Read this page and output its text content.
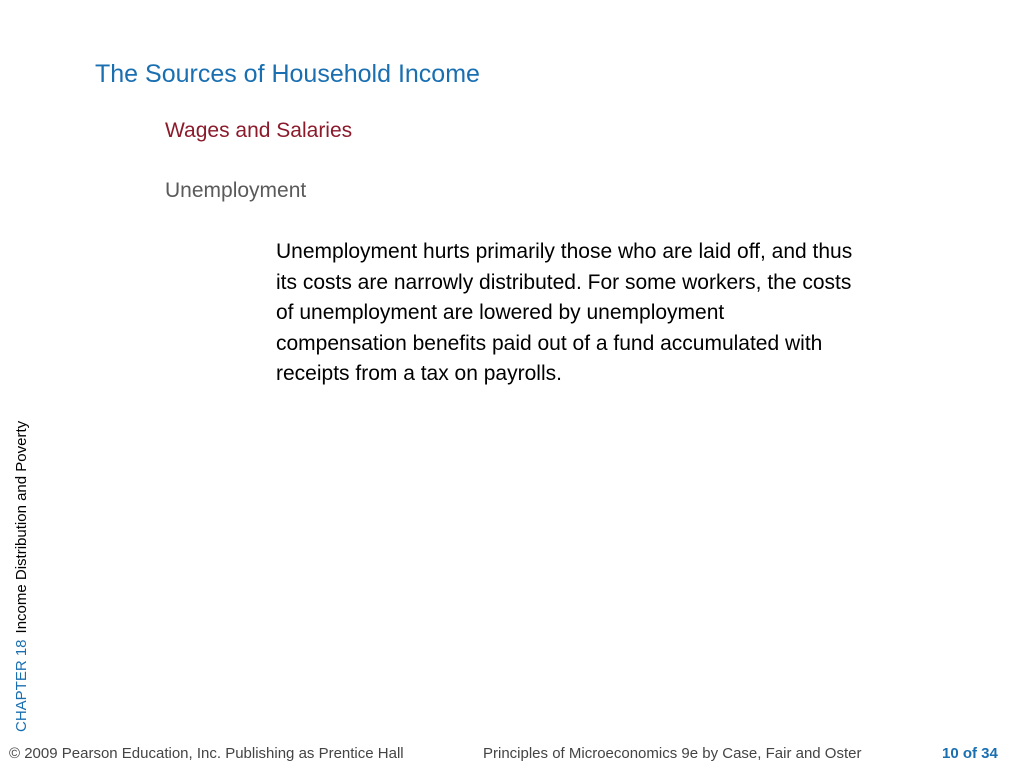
The Sources of Household Income
Wages and Salaries
Unemployment
Unemployment hurts primarily those who are laid off, and thus its costs are narrowly distributed. For some workers, the costs of unemployment are lowered by unemployment compensation benefits paid out of a fund accumulated with receipts from a tax on payrolls.
CHAPTER 18Income Distribution and Poverty
© 2009 Pearson Education, Inc. Publishing as Prentice Hall	Principles of Microeconomics 9e by Case, Fair and Oster	10 of 34
